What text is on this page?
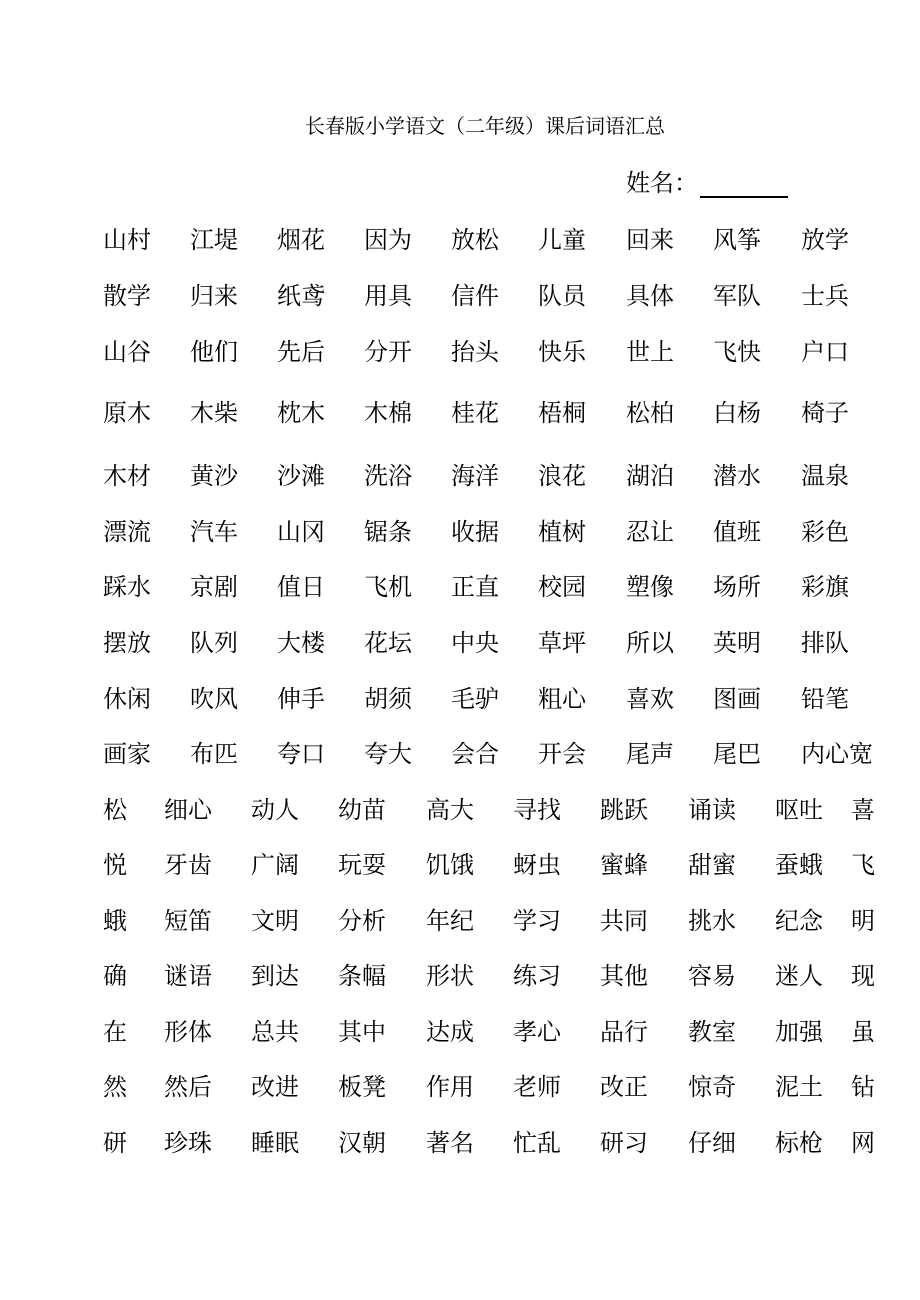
长春版小学语文（二年级）课后词语汇总
姓名：
山村 江堤 烟花 因为 放松 儿童 回来 风筝 放学
散学 归来 纸鸢 用具 信件 队员 具体 军队 士兵
山谷 他们 先后 分开 抬头 快乐 世上 飞快 户口
原木 木柴 枕木 木棉 桂花 梧桐 松柏 白杨 椅子
木材 黄沙 沙滩 洗浴 海洋 浪花 湖泊 潜水 温泉
漂流 汽车 山冈 锯条 收据 植树 忍让 值班 彩色
踩水 京剧 值日 飞机 正直 校园 塑像 场所 彩旗
摆放 队列 大楼 花坛 中央 草坪 所以 英明 排队
休闲 吹风 伸手 胡须 毛驴 粗心 喜欢 图画 铅笔
画家 布匹 夸口 夸大 会合 开会 尾声 尾巴 内心宽
松 细心 动人 幼苗 高大 寻找 跳跃 诵读 呕吐 喜
悦 牙齿 广阔 玩耍 饥饿 蚜虫 蜜蜂 甜蜜 蚕蛾 飞
蛾 短笛 文明 分析 年纪 学习 共同 挑水 纪念 明
确 谜语 到达 条幅 形状 练习 其他 容易 迷人 现
在 形体 总共 其中 达成 孝心 品行 教室 加强 虽
然 然后 改进 板凳 作用 老师 改正 惊奇 泥土 钻
研 珍珠 睡眠 汉朝 著名 忙乱 研习 仔细 标枪 网
